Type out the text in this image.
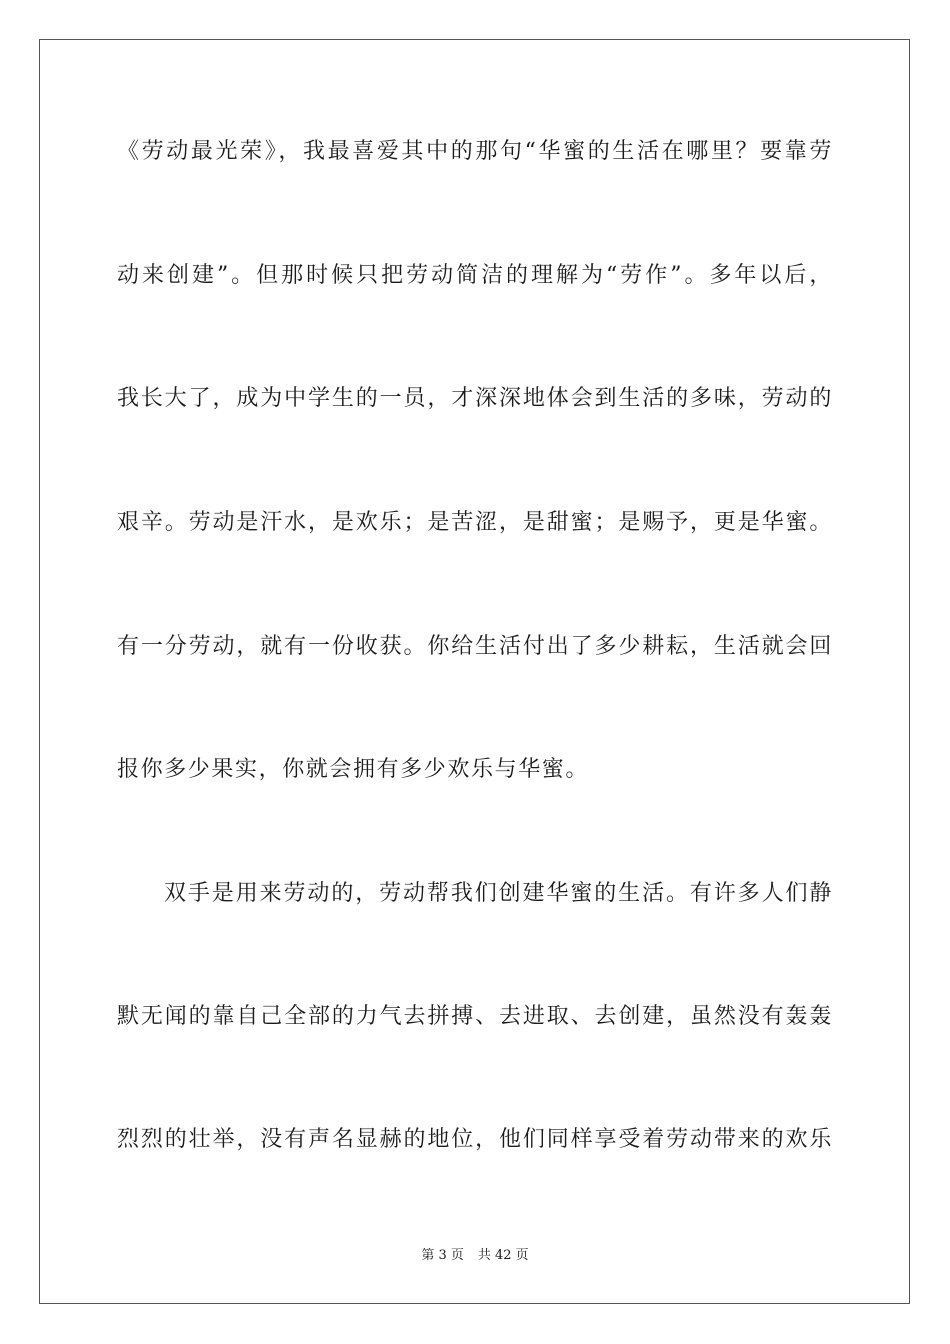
《劳动最光荣》，我最喜爱其中的那句“华蜜的生活在哪里？要靠劳
动来创建”。但那时候只把劳动简洁的理解为“劳作”。多年以后，
我长大了，成为中学生的一员，才深深地体会到生活的多味，劳动的
艰辛。劳动是汗水，是欢乐；是苦涩，是甜蜜；是赐予，更是华蜜。
有一分劳动，就有一份收获。你给生活付出了多少耕耘，生活就会回
报你多少果实，你就会拥有多少欢乐与华蜜。
双手是用来劳动的，劳动帮我们创建华蜜的生活。有许多人们静
默无闻的靠自己全部的力气去拼搏、去进取、去创建，虽然没有轰轰
烈烈的壮举，没有声名显赫的地位，他们同样享受着劳动带来的欢乐
第 3 页 共 42 页
